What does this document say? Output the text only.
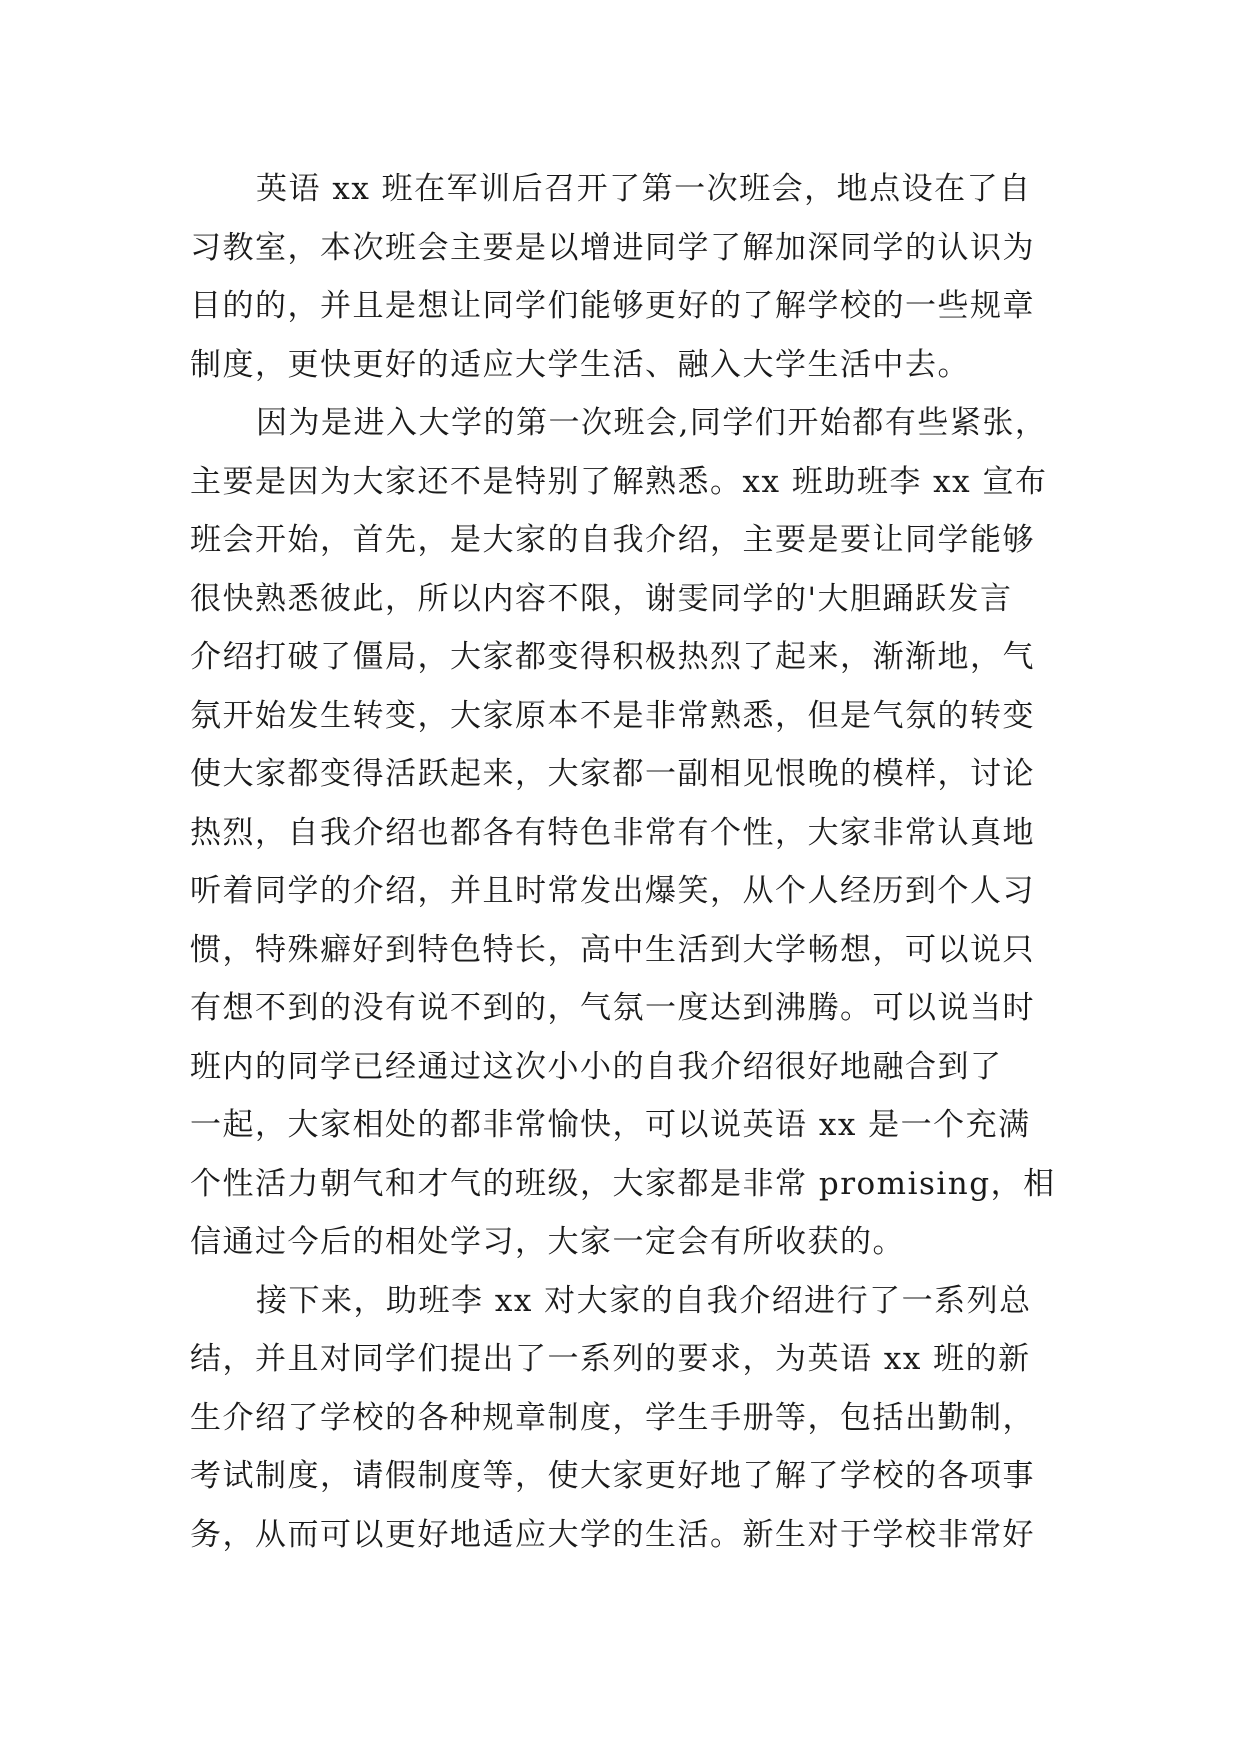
英语 xx 班在军训后召开了第一次班会，地点设在了自
习教室，本次班会主要是以增进同学了解加深同学的认识为
目的的，并且是想让同学们能够更好的了解学校的一些规章
制度，更快更好的适应大学生活、融入大学生活中去。
因为是进入大学的第一次班会,同学们开始都有些紧张，
主要是因为大家还不是特别了解熟悉。xx 班助班李 xx 宣布
班会开始，首先，是大家的自我介绍，主要是要让同学能够
很快熟悉彼此，所以内容不限，谢雯同学的'大胆踊跃发言
介绍打破了僵局，大家都变得积极热烈了起来，渐渐地，气
氛开始发生转变，大家原本不是非常熟悉，但是气氛的转变
使大家都变得活跃起来，大家都一副相见恨晚的模样，讨论
热烈，自我介绍也都各有特色非常有个性，大家非常认真地
听着同学的介绍，并且时常发出爆笑，从个人经历到个人习
惯，特殊癖好到特色特长，高中生活到大学畅想，可以说只
有想不到的没有说不到的，气氛一度达到沸腾。可以说当时
班内的同学已经通过这次小小的自我介绍很好地融合到了
一起，大家相处的都非常愉快，可以说英语 xx 是一个充满
个性活力朝气和才气的班级，大家都是非常 promising，相
信通过今后的相处学习，大家一定会有所收获的。
接下来，助班李 xx 对大家的自我介绍进行了一系列总
结，并且对同学们提出了一系列的要求，为英语 xx 班的新
生介绍了学校的各种规章制度，学生手册等，包括出勤制，
考试制度，请假制度等，使大家更好地了解了学校的各项事
务，从而可以更好地适应大学的生活。新生对于学校非常好
